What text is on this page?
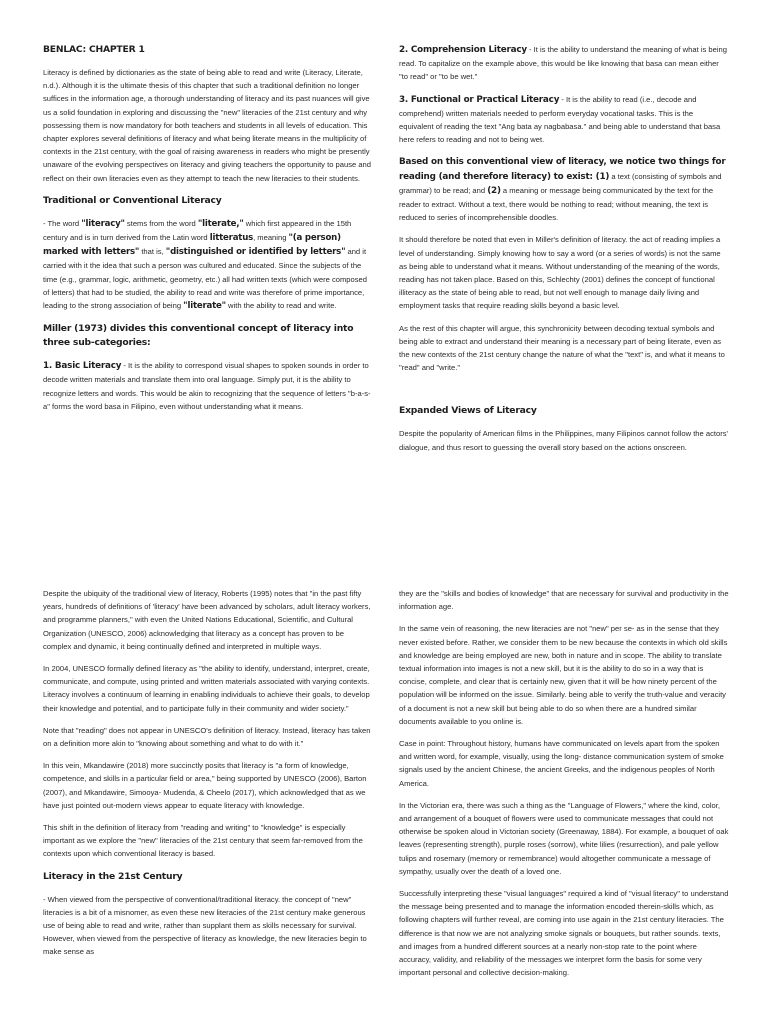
BENLAC: CHAPTER 1

Literacy is defined by dictionaries as the state of being able to read and write (Literacy, Literate, n.d.). Although it is the ultimate thesis of this chapter that such a traditional definition no longer suffices in the information age, a thorough understanding of literacy and its past nuances will give us a solid foundation in exploring and discussing the "new" literacies of the 21st century and why possessing them is now mandatory for both teachers and students in all levels of education. This chapter explores several definitions of literacy and what being literate means in the multiplicity of contexts in the 21st century, with the goal of raising awareness in readers who might be presently unaware of the evolving perspectives on literacy and giving teachers the opportunity to pause and reflect on their own literacies even as they attempt to teach the new literacies to their students.

Traditional or Conventional Literacy

- The word "literacy" stems from the word "literate," which first appeared in the 15th century and is in turn derived from the Latin word litteratus, meaning "(a person) marked with letters" that is, "distinguished or identified by letters" and it carried with it the idea that such a person was cultured and educated. Since the subjects of the time (e.g., grammar, logic, arithmetic, geometry, etc.) all had written texts (which were composed of letters) that had to be studied, the ability to read and write was therefore of prime importance, leading to the strong association of being "literate" with the ability to read and write.

Miller (1973) divides this conventional concept of literacy into three sub-categories:

1. Basic Literacy - It is the ability to correspond visual shapes to spoken sounds in order to decode written materials and translate them into oral language. Simply put, it is the ability to recognize letters and words. This would be akin to recognizing that the sequence of letters "b-a-s-a" forms the word basa in Filipino, even without understanding what it means.

2. Comprehension Literacy - It is the ability to understand the meaning of what is being read. To capitalize on the example above, this would be like knowing that basa can mean either "to read" or "to be wet."

3. Functional or Practical Literacy - It is the ability to read (i.e., decode and comprehend) written materials needed to perform everyday vocational tasks. This is the equivalent of reading the text "Ang bata ay nagbabasa." and being able to understand that basa here refers to reading and not to being wet.

Based on this conventional view of literacy, we notice two things for reading (and therefore literacy) to exist: (1) a text (consisting of symbols and grammar) to be read; and (2) a meaning or message being communicated by the text for the reader to extract. Without a text, there would be nothing to read; without meaning, the text is reduced to series of incomprehensible doodles.

It should therefore be noted that even in Miller's definition of literacy. the act of reading implies a level of understanding. Simply knowing how to say a word (or a series of words) is not the same as being able to understand what it means. Without understanding of the meaning of the words, reading has not taken place. Based on this, Schlechty (2001) defines the concept of functional illiteracy as the state of being able to read, but not well enough to manage daily living and employment tasks that require reading skills beyond a basic level.

As the rest of this chapter will argue, this synchronicity between decoding textual symbols and being able to extract and understand their meaning is a necessary part of being literate, even as the new contexts of the 21st century change the nature of what the "text" is, and what it means to "read" and "write."

Expanded Views of Literacy

Despite the popularity of American films in the Philippines, many Filipinos cannot follow the actors' dialogue, and thus resort to guessing the overall story based on the actions onscreen.

Despite the ubiquity of the traditional view of literacy, Roberts (1995) notes that "in the past fifty years, hundreds of definitions of 'literacy' have been advanced by scholars, adult literacy workers, and programme planners," with even the United Nations Educational, Scientific, and Cultural Organization (UNESCO, 2006) acknowledging that literacy as a concept has proven to be complex and dynamic, it being continually defined and interpreted in multiple ways.

In 2004, UNESCO formally defined literacy as "the ability to identify, understand, interpret, create, communicate, and compute, using printed and written materials associated with varying contexts. Literacy involves a continuum of learning in enabling individuals to achieve their goals, to develop their knowledge and potential, and to participate fully in their community and wider society."

Note that "reading" does not appear in UNESCO's definition of literacy. Instead, literacy has taken on a definition more akin to "knowing about something and what to do with it."

In this vein, Mkandawire (2018) more succinctly posits that literacy is "a form of knowledge, competence, and skills in a particular field or area," being supported by UNESCO (2006), Barton (2007), and Mkandawire, Simooya- Mudenda, & Cheelo (2017), which acknowledged that as we have just pointed out-modern views appear to equate literacy with knowledge.

This shift in the definition of literacy from "reading and writing" to "knowledge" is especially important as we explore the "new" literacies of the 21st century that seem far-removed from the contexts upon which conventional literacy is based.

Literacy in the 21st Century

- When viewed from the perspective of conventional/traditional literacy. the concept of "new" literacies is a bit of a misnomer, as even these new literacies of the 21st century make generous use of being able to read and write, rather than supplant them as skills necessary for survival. However, when viewed from the perspective of literacy as knowledge, the new literacies begin to make sense as

they are the "skills and bodies of knowledge" that are necessary for survival and productivity in the information age.

In the same vein of reasoning, the new literacies are not "new" per se- as in the sense that they never existed before. Rather, we consider them to be new because the contexts in which old skills and knowledge are being employed are new, both in nature and in scope. The ability to translate textual information into images is not a new skill, but it is the ability to do so in a way that is concise, complete, and clear that is certainly new, given that it will be how ninety percent of the population will be informed on the issue. Similarly. being able to verify the truth-value and veracity of a document is not a new skill but being able to do so when there are a hundred similar documents available to you online is.

Case in point: Throughout history, humans have communicated on levels apart from the spoken and written word, for example, visually, using the long- distance communication system of smoke signals used by the ancient Chinese, the ancient Greeks, and the indigenous peoples of North America.

In the Victorian era, there was such a thing as the "Language of Flowers," where the kind, color, and arrangement of a bouquet of flowers were used to communicate messages that could not otherwise be spoken aloud in Victorian society (Greenaway, 1884). For example, a bouquet of oak leaves (representing strength), purple roses (sorrow), white lilies (resurrection), and pale yellow tulips and rosemary (memory or remembrance) would altogether communicate a message of sympathy, usually over the death of a loved one.

Successfully interpreting these "visual languages" required a kind of "visual literacy" to understand the message being presented and to manage the information encoded therein-skills which, as following chapters will further reveal, are coming into use again in the 21st century literacies. The difference is that now we are not analyzing smoke signals or bouquets, but rather sounds. texts, and images from a hundred different sources at a nearly non-stop rate to the point where accuracy, validity, and reliability of the messages we interpret form the basis for some very important personal and collective decision-making.
